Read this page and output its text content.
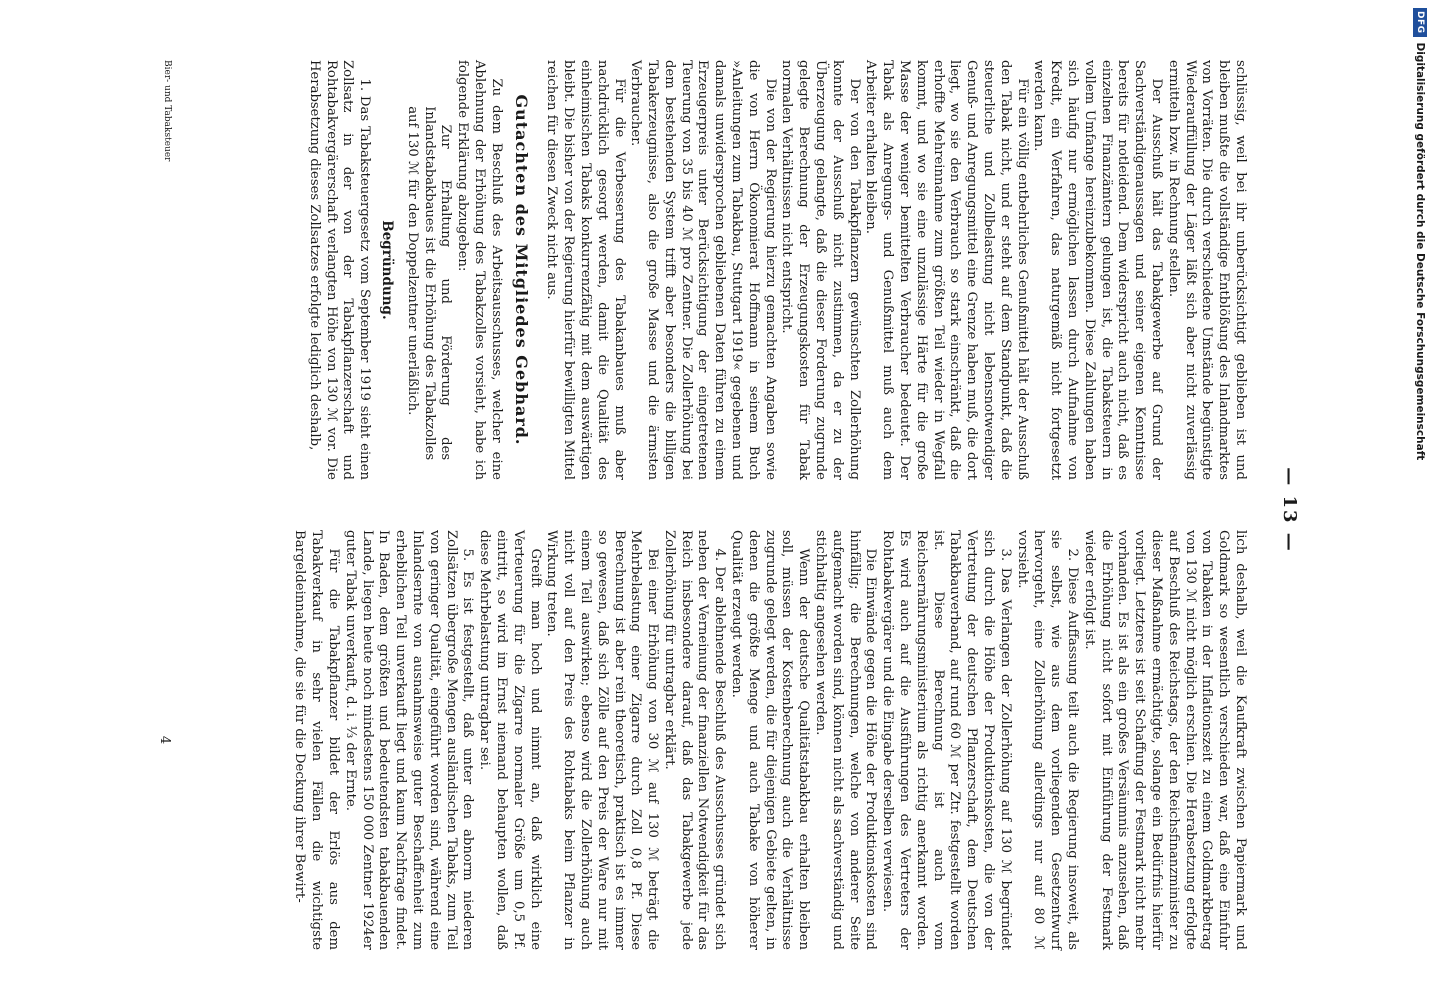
— 13 —

schlüssig, weil bei ihr unberücksichtigt geblieben ist und bleiben mußte die vollständige Entblößung des Inlandmarktes von Vorräten. Die durch verschiedene Umstände begünstigte Wiederauffüllung der Läger läßt sich aber nicht zuverlässig ermitteln bzw. in Rechnung stellen.

Der Ausschuß hält das Tabakgewerbe auf Grund der Sachverständigenaussagen und seiner eigenen Kenntnisse bereits für notleidend. Dem widerspricht auch nicht, daß es einzelnen Finanzämtern gelungen ist, die Tabaksteuern in vollem Umfange hereinzubekommen. Diese Zahlungen haben sich häufig nur ermöglichen lassen durch Aufnahme von Kredit, ein Verfahren, das naturgemäß nicht fortgesetzt werden kann.

Für ein völlig entbehrliches Genußmittel hält der Ausschuß den Tabak nicht, und er steht auf dem Standpunkt, daß die steuerliche und Zollbelastung nicht lebensnotwendiger Genuß- und Anregungsmittel eine Grenze haben muß, die dort liegt, wo sie den Verbrauch so stark einschränkt, daß die erhoffte Mehreinnahme zum größten Teil wieder in Wegfall kommt, und wo sie eine unzulässige Härte für die große Masse der weniger bemittelten Verbraucher bedeutet. Der Tabak als Anregungs- und Genußmittel muß auch dem Arbeiter erhalten bleiben.

Der von den Tabakpflanzern gewünschten Zollerhöhung konnte der Ausschuß nicht zustimmen, da er zu der Überzeugung gelangte, daß die dieser Forderung zugrunde gelegte Berechnung der Erzeugungskosten für Tabak normalen Verhältnissen nicht entspricht.

Die von der Regierung hierzu gemachten Angaben sowie die von Herrn Ökonomierat Hoffmann in seinem Buch »Anleitungen zum Tabakbau, Stuttgart 1919« gegebenen und damals unwidersprochen gebliebenen Daten führen zu einem Erzeugerpreis unter Berücksichtigung der eingetretenen Teuerung von 35 bis 40 ℳ pro Zentner. Die Zollerhöhung bei dem bestehenden System trifft aber besonders die billigen Tabakerzeugnisse, also die große Masse und die ärmsten Verbraucher.

Für die Verbesserung des Tabakanbaues muß aber nachdrücklich gesorgt werden, damit die Qualität des einheimischen Tabaks konkurrenzfähig mit dem auswärtigen bleibt. Die bisher von der Regierung hierfür bewilligten Mittel reichen für diesen Zweck nicht aus.

Gutachten des Mitgliedes Gebhard.

Zu dem Beschluß des Arbeitsausschusses, welcher eine Ablehnung der Erhöhung des Tabakzolles vorsieht, habe ich folgende Erklärung abzugeben:

Zur Erhaltung und Förderung des Inlandstabakbaues ist die Erhöhung des Tabakzolles auf 130 ℳ für den Doppelzentner unerläßlich.

Begründung.

1. Das Tabaksteuergesetz vom September 1919 sieht einen Zollsatz in der von der Tabakpflanzerschaft und Rohtabakvergärerschaft verlangten Höhe von 130 ℳ vor. Die Herabsetzung dieses Zollsatzes erfolgte lediglich deshalb,

lich deshalb, weil die Kaufkraft zwischen Papiermark und Goldmark so wesentlich verschieden war, daß eine Einfuhr von Tabaken in der Inflationszeit zu einem Goldmarkbetrag von 130 ℳ nicht möglich erschien. Die Herabsetzung erfolgte auf Beschluß des Reichstags, der den Reichsfinanzminister zu dieser Maßnahme ermächtigte, solange ein Bedürfnis hierfür vorliegt. Letzteres ist seit Schaffung der Festmark nicht mehr vorhanden. Es ist als ein großes Versäumnis anzusehen, daß die Erhöhung nicht sofort mit Einführung der Festmark wieder erfolgt ist.

2. Diese Auffassung teilt auch die Regierung insoweit, als sie selbst, wie aus dem vorliegenden Gesetzentwurf hervorgeht, eine Zollerhöhung allerdings nur auf 80 ℳ vorsieht.

3. Das Verlangen der Zollerhöhung auf 130 ℳ begründet sich durch die Höhe der Produktionskosten, die von der Vertretung der deutschen Pflanzerschaft, dem Deutschen Tabakbauverband, auf rund 60 ℳ per Ztr. festgestellt worden ist. Diese Berechnung ist auch vom Reichsernährungsministerium als richtig anerkannt worden. Es wird auch auf die Ausführungen des Vertreters der Rohtabakvergärer und die Eingabe derselben verwiesen.

Die Einwände gegen die Höhe der Produktionskosten sind hinfällig; die Berechnungen, welche von anderer Seite aufgemacht worden sind, können nicht als sachverständig und stichhaltig angesehen werden.

Wenn der deutsche Qualitätstabakbau erhalten bleiben soll, müssen der Kostenberechnung auch die Verhältnisse zugrunde gelegt werden, die für diejenigen Gebiete gelten, in denen die größte Menge und auch Tabake von höherer Qualität erzeugt werden.

4. Der ablehnende Beschluß des Ausschusses gründet sich neben der Verneinung der finanziellen Notwendigkeit für das Reich insbesondere darauf, daß das Tabakgewerbe jede Zollerhöhung für untragbar erklärt.

Bei einer Erhöhung von 30 ℳ auf 130 ℳ beträgt die Mehrbelastung einer Zigarre durch Zoll 0,8 Pf. Diese Berechnung ist aber rein theoretisch, praktisch ist es immer so gewesen, daß sich Zölle auf den Preis der Ware nur mit einem Teil auswirken; ebenso wird die Zollerhöhung auch nicht voll auf den Preis des Rohtabaks beim Pflanzer in Wirkung treten.

Greift man hoch und nimmt an, daß wirklich eine Verteuerung für die Zigarre normaler Größe um 0,5 Pf. eintritt, so wird im Ernst niemand behaupten wollen, daß diese Mehrbelastung untragbar sei.

5. Es ist festgestellt, daß unter den abnorm niederen Zollsätzen übergroße Mengen ausländischen Tabaks, zum Teil von geringer Qualität, eingeführt worden sind, während eine Inlandsernte von ausnahmsweise guter Beschaffenheit zum erheblichen Teil unverkauft liegt und kaum Nachfrage findet. In Baden, dem größten und bedeutendsten tabakbauenden Lande, liegen heute noch mindestens 150 000 Zentner 1924er guter Tabak unverkauft, d. i. ⅓ der Ernte.

Für die Tabakpflanzer bildet der Erlös aus dem Tabakverkauf in sehr vielen Fällen die wichtigste Bargeldeinnahme, die sie für die Deckung ihrer Bewirt-

Bier- und Tabaksteuer
4
DFG
Digitalisierung gefördert durch die Deutsche Forschungsgemeinschaft
